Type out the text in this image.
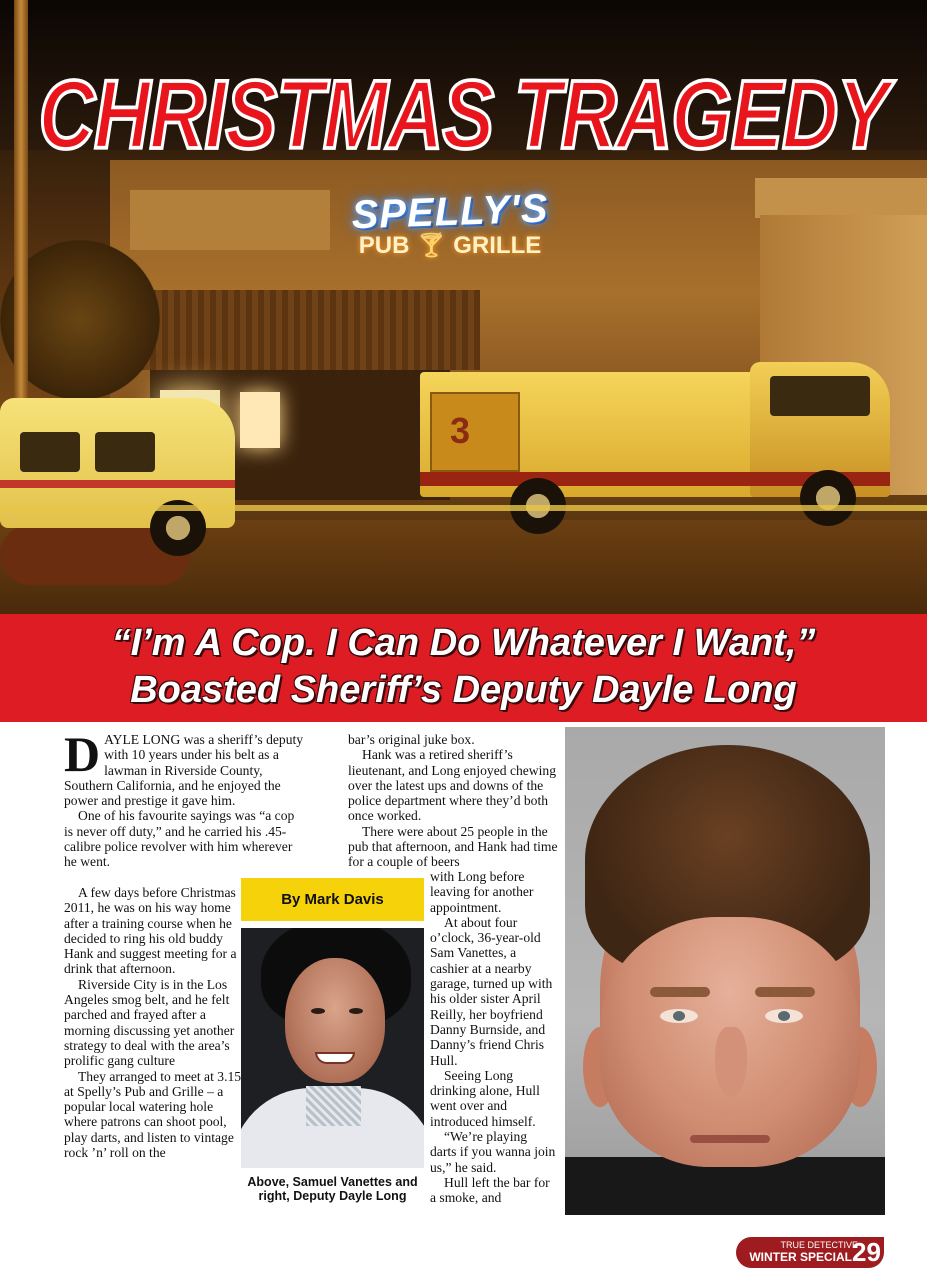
SPELLY'S
PUB 🍸︎ GRILLE
3
CHRISTMAS TRAGEDY
“I’m A Cop. I Can Do Whatever I Want,”
Boasted Sheriff’s Deputy Dayle Long

DAYLE LONG was a sheriff’s deputy with 10 years under his belt as a lawman in Riverside County, Southern California, and he enjoyed the power and prestige it gave him.

One of his favourite sayings was “a cop is never off duty,” and he carried his .45-calibre police revolver with him wherever he went.

A few days before Christmas 2011, he was on his way home after a training course when he decided to ring his old buddy Hank and suggest meeting for a drink that afternoon.

Riverside City is in the Los Angeles smog belt, and he felt parched and frayed after a morning discussing yet another strategy to deal with the area’s prolific gang culture

They arranged to meet at 3.15 at Spelly’s Pub and Grille – a popular local watering hole where patrons can shoot pool, play darts, and listen to vintage rock ’n’ roll on the

bar’s original juke box.

Hank was a retired sheriff’s lieutenant, and Long enjoyed chewing over the latest ups and downs of the police department where they’d both once worked.

There were about 25 people in the pub that afternoon, and Hank had time for a couple of beers

with Long before leaving for another appointment.

At about four o’clock, 36-year-old Sam Vanettes, a cashier at a nearby garage, turned up with his older sister April Reilly, her boyfriend Danny Burnside, and Danny’s friend Chris Hull.

Seeing Long drinking alone, Hull went over and introduced himself.

“We’re playing darts if you wanna join us,” he said.

Hull left the bar for a smoke, and

By Mark Davis
Above, Samuel Vanettes and right, Deputy Dayle Long
TRUE DETECTIVE
WINTER SPECIAL 29
